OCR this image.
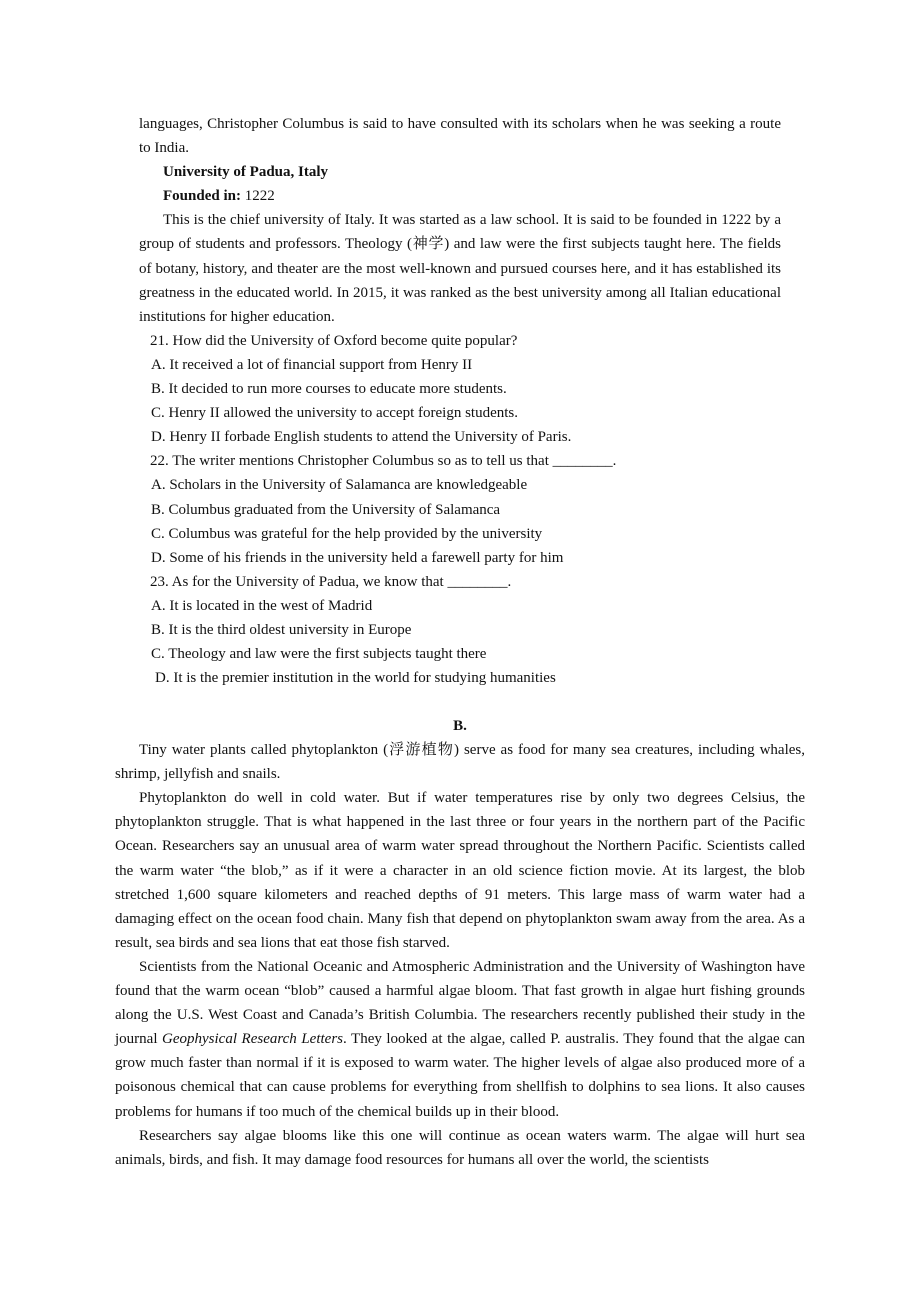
languages, Christopher Columbus is said to have consulted with its scholars when he was seeking a route to India.

University of Padua, Italy

Founded in: 1222

This is the chief university of Italy. It was started as a law school. It is said to be founded in 1222 by a group of students and professors. Theology (神学) and law were the first subjects taught here. The fields of botany, history, and theater are the most well-known and pursued courses here, and it has established its greatness in the educated world. In 2015, it was ranked as the best university among all Italian educational institutions for higher education.

21. How did the University of Oxford become quite popular?

A. It received a lot of financial support from Henry II

B. It decided to run more courses to educate more students.

C. Henry II allowed the university to accept foreign students.

D. Henry II forbade English students to attend the University of Paris.

22. The writer mentions Christopher Columbus so as to tell us that ________.

A. Scholars in the University of Salamanca are knowledgeable

B. Columbus graduated from the University of Salamanca

C. Columbus was grateful for the help provided by the university

D. Some of his friends in the university held a farewell party for him

23. As for the University of Padua, we know that ________.

A. It is located in the west of Madrid

B. It is the third oldest university in Europe

C. Theology and law were the first subjects taught there

D. It is the premier institution in the world for studying humanities

B.

Tiny water plants called phytoplankton (浮游植物) serve as food for many sea creatures, including whales, shrimp, jellyfish and snails.

Phytoplankton do well in cold water. But if water temperatures rise by only two degrees Celsius, the phytoplankton struggle. That is what happened in the last three or four years in the northern part of the Pacific Ocean. Researchers say an unusual area of warm water spread throughout the Northern Pacific. Scientists called the warm water “the blob,” as if it were a character in an old science fiction movie. At its largest, the blob stretched 1,600 square kilometers and reached depths of 91 meters. This large mass of warm water had a damaging effect on the ocean food chain. Many fish that depend on phytoplankton swam away from the area. As a result, sea birds and sea lions that eat those fish starved.

Scientists from the National Oceanic and Atmospheric Administration and the University of Washington have found that the warm ocean “blob” caused a harmful algae bloom. That fast growth in algae hurt fishing grounds along the U.S. West Coast and Canada’s British Columbia. The researchers recently published their study in the journal Geophysical Research Letters. They looked at the algae, called P. australis. They found that the algae can grow much faster than normal if it is exposed to warm water. The higher levels of algae also produced more of a poisonous chemical that can cause problems for everything from shellfish to dolphins to sea lions. It also causes problems for humans if too much of the chemical builds up in their blood.

Researchers say algae blooms like this one will continue as ocean waters warm. The algae will hurt sea animals, birds, and fish. It may damage food resources for humans all over the world, the scientists
